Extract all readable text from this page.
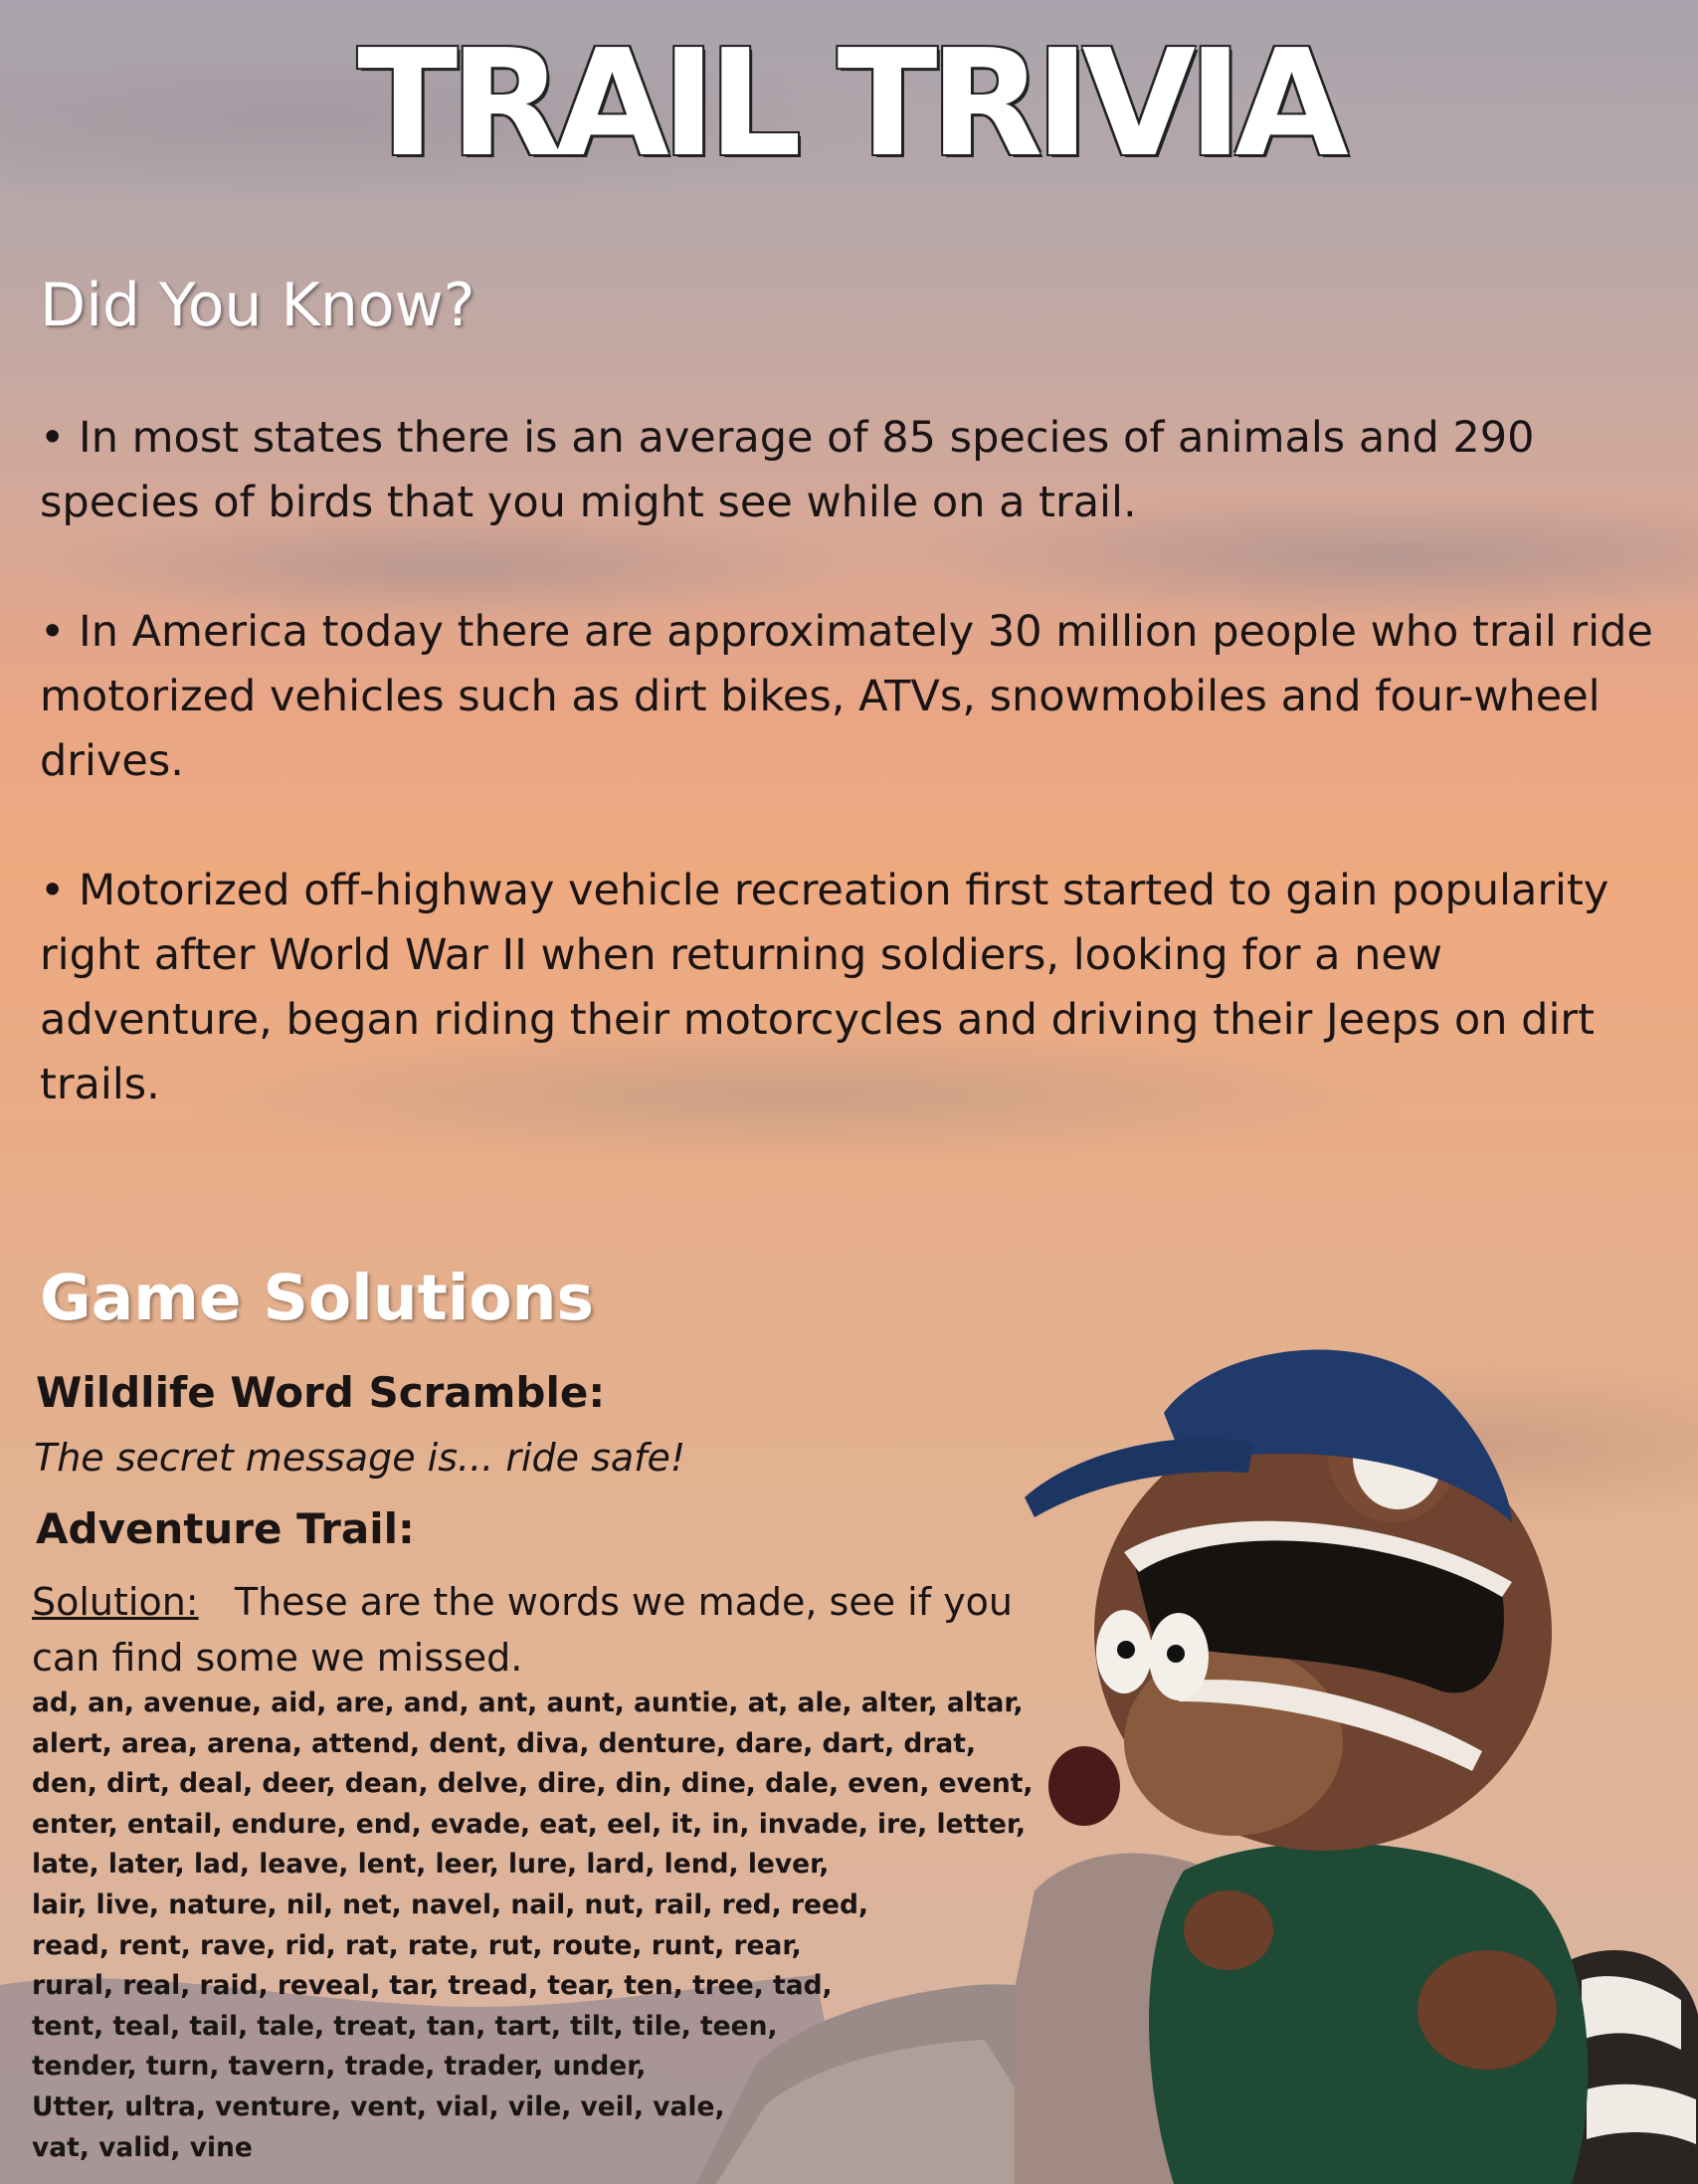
TRAIL TRIVIA
Did You Know?

• In most states there is an average of 85 species of animals and 290 species of birds that you might see while on a trail.

• In America today there are approximately 30 million people who trail ride motorized vehicles such as dirt bikes, ATVs, snowmobiles and four-wheel drives.

• Motorized off-highway vehicle recreation first started to gain popularity right after World War II when returning soldiers, looking for a new adventure, began riding their motorcycles and driving their Jeeps on dirt trails.

Game Solutions
Wildlife Word Scramble:
The secret message is... ride safe!
Adventure Trail:
Solution: These are the words we made, see if you can find some we missed.
ad, an, avenue, aid, are, and, ant, aunt, auntie, at, ale, alter, altar,
alert, area, arena, attend, dent, diva, denture, dare, dart, drat,
den, dirt, deal, deer, dean, delve, dire, din, dine, dale, even, event,
enter, entail, endure, end, evade, eat, eel, it, in, invade, ire, letter,
late, later, lad, leave, lent, leer, lure, lard, lend, lever,
lair, live, nature, nil, net, navel, nail, nut, rail, red, reed,
read, rent, rave, rid, rat, rate, rut, route, runt, rear,
rural, real, raid, reveal, tar, tread, tear, ten, tree, tad,
tent, teal, tail, tale, treat, tan, tart, tilt, tile, teen,
tender, turn, tavern, trade, trader, under,
Utter, ultra, venture, vent, vial, vile, veil, vale,
vat, valid, vine
